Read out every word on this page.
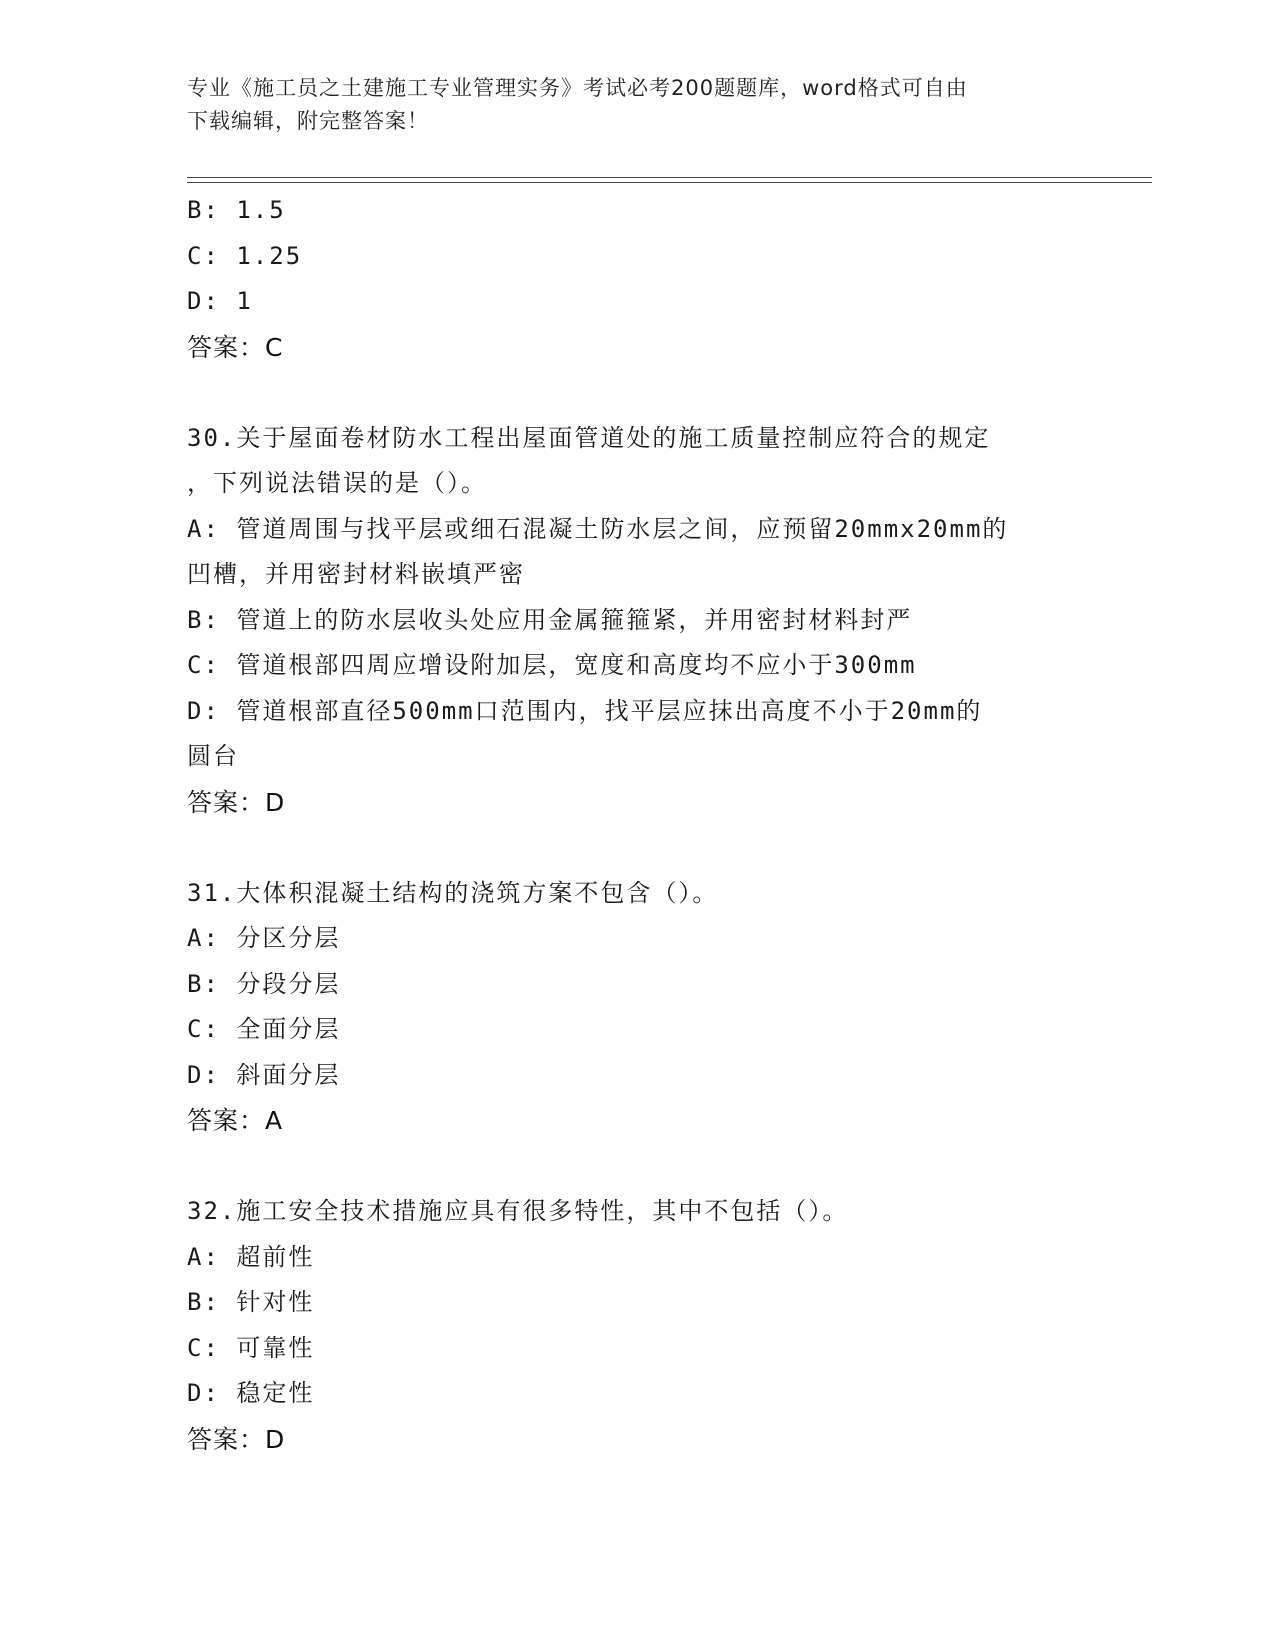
专业《施工员之土建施工专业管理实务》考试必考200题题库，word格式可自由
下载编辑，附完整答案！
B: 1.5
C: 1.25
D: 1
答案：C
30.关于屋面卷材防水工程出屋面管道处的施工质量控制应符合的规定
，下列说法错误的是（）。
A: 管道周围与找平层或细石混凝土防水层之间，应预留20mmx20mm的
凹槽，并用密封材料嵌填严密
B: 管道上的防水层收头处应用金属箍箍紧，并用密封材料封严
C: 管道根部四周应增设附加层，宽度和高度均不应小于300mm
D: 管道根部直径500mm口范围内，找平层应抹出高度不小于20mm的
圆台
答案：D
31.大体积混凝土结构的浇筑方案不包含（）。
A: 分区分层
B: 分段分层
C: 全面分层
D: 斜面分层
答案：A
32.施工安全技术措施应具有很多特性，其中不包括（）。
A: 超前性
B: 针对性
C: 可靠性
D: 稳定性
答案：D
